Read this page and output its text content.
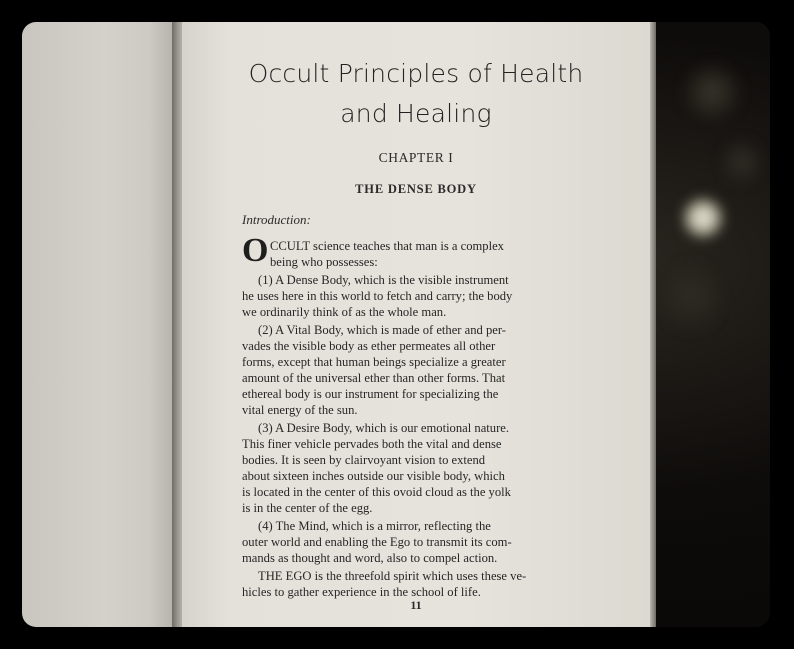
Occult Principles of Health
and Healing
CHAPTER I
THE DENSE BODY
Introduction:
O CCULT science teaches that man is a complex
being who possesses:
(1) A Dense Body, which is the visible instrument
he uses here in this world to fetch and carry; the body
we ordinarily think of as the whole man.
(2) A Vital Body, which is made of ether and per-
vades the visible body as ether permeates all other
forms, except that human beings specialize a greater
amount of the universal ether than other forms. That
ethereal body is our instrument for specializing the
vital energy of the sun.
(3) A Desire Body, which is our emotional nature.
This finer vehicle pervades both the vital and dense
bodies. It is seen by clairvoyant vision to extend
about sixteen inches outside our visible body, which
is located in the center of this ovoid cloud as the yolk
is in the center of the egg.
(4) The Mind, which is a mirror, reflecting the
outer world and enabling the Ego to transmit its com-
mands as thought and word, also to compel action.
THE EGO is the threefold spirit which uses these ve-
hicles to gather experience in the school of life.
11
